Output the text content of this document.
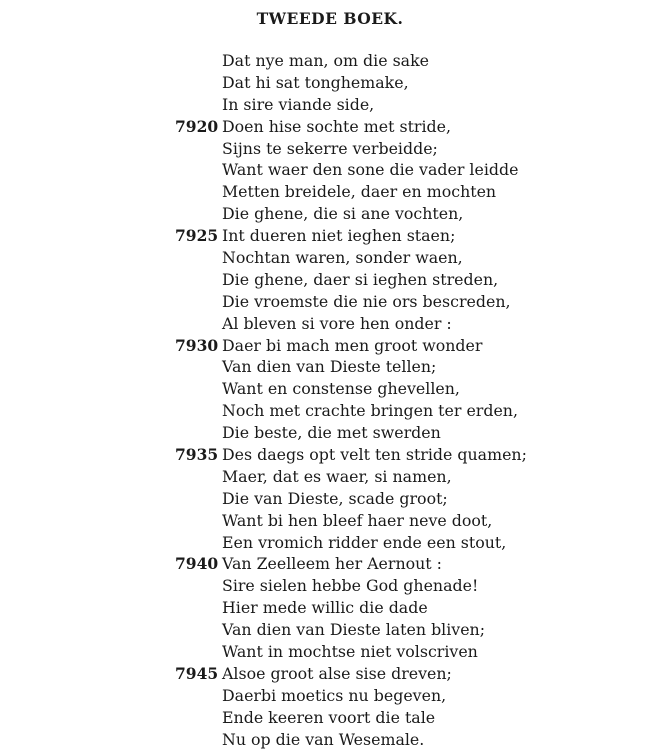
TWEEDE BOEK.
Dat nye man, om die sake
Dat hi sat tonghemake,
In sire viande side,
7920 Doen hise sochte met stride,
Sijns te sekerre verbeidde;
Want waer den sone die vader leidde
Metten breidele, daer en mochten
Die ghene, die si ane vochten,
7925 Int dueren niet ieghen staen;
Nochtan waren, sonder waen,
Die ghene, daer si ieghen streden,
Die vroemste die nie ors bescreden,
Al bleven si vore hen onder :
7930 Daer bi mach men groot wonder
Van dien van Dieste tellen;
Want en constense ghevellen,
Noch met crachte bringen ter erden,
Die beste, die met swerden
7935 Des daegs opt velt ten stride quamen;
Maer, dat es waer, si namen,
Die van Dieste, scade groot;
Want bi hen bleef haer neve doot,
Een vromich ridder ende een stout,
7940 Van Zeelleem her Aernout :
Sire sielen hebbe God ghenade!
Hier mede willic die dade
Van dien van Dieste laten bliven;
Want in mochtse niet volscriven
7945 Alsoe groot alse sise dreven;
Daerbi moetics nu begeven,
Ende keeren voort die tale
Nu op die van Wesemale.
